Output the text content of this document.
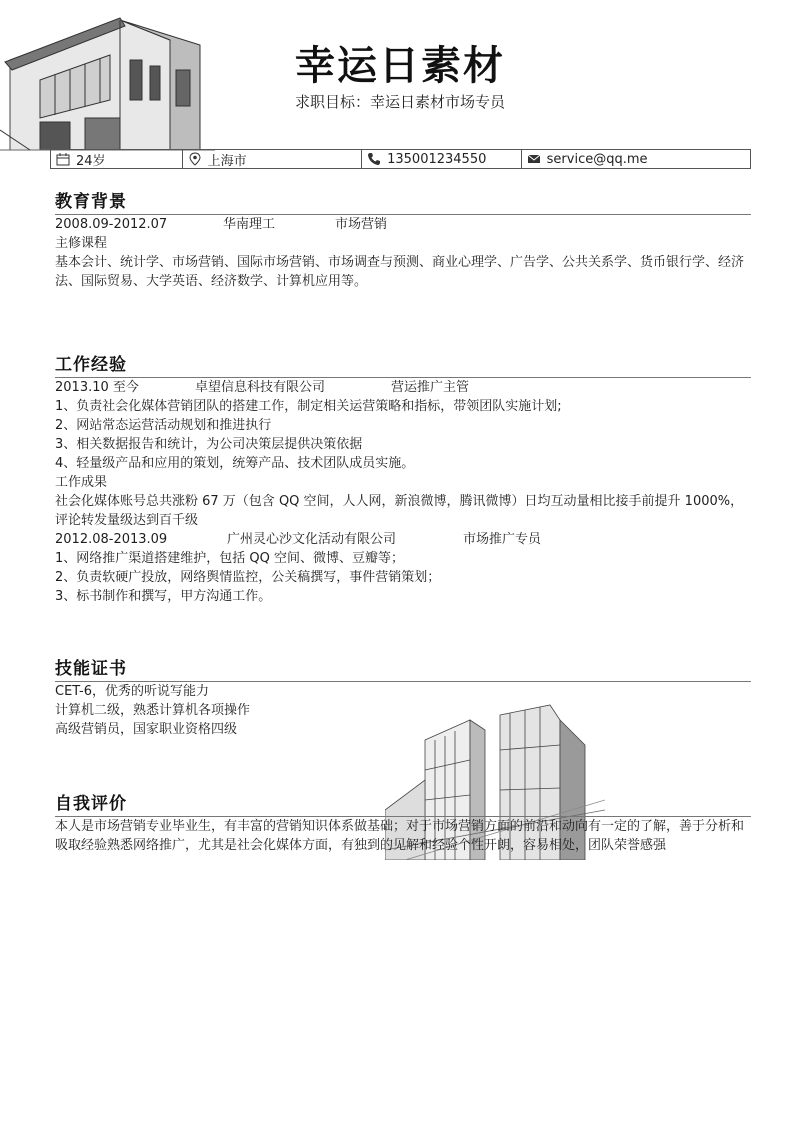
幸运日素材
求职目标：幸运日素材市场专员
24岁	上海市	135001234550	service@qq.me
教育背景
2008.09-2012.07	华南理工	市场营销
主修课程
基本会计、统计学、市场营销、国际市场营销、市场调查与预测、商业心理学、广告学、公共关系学、货币银行学、经济法、国际贸易、大学英语、经济数学、计算机应用等。
工作经验
2013.10 至今	卓望信息科技有限公司	营运推广主管
1、负责社会化媒体营销团队的搭建工作，制定相关运营策略和指标，带领团队实施计划;
2、网站常态运营活动规划和推进执行
3、相关数据报告和统计，为公司决策层提供决策依据
4、轻量级产品和应用的策划，统筹产品、技术团队成员实施。
工作成果
社会化媒体账号总共涨粉 67 万（包含 QQ 空间，人人网，新浪微博，腾讯微博）日均互动量相比接手前提升 1000%，评论转发量级达到百千级
2012.08-2013.09	广州灵心沙文化活动有限公司	市场推广专员
1、网络推广渠道搭建维护，包括 QQ 空间、微博、豆瓣等；
2、负责软硬广投放，网络舆情监控，公关稿撰写，事件营销策划；
3、标书制作和撰写，甲方沟通工作。
技能证书
CET-6，优秀的听说写能力
计算机二级，熟悉计算机各项操作
高级营销员，国家职业资格四级
自我评价
本人是市场营销专业毕业生，有丰富的营销知识体系做基础；对于市场营销方面的前沿和动向有一定的了解，善于分析和吸取经验熟悉网络推广，尤其是社会化媒体方面，有独到的见解和经验个性开朗，容易相处，团队荣誉感强
